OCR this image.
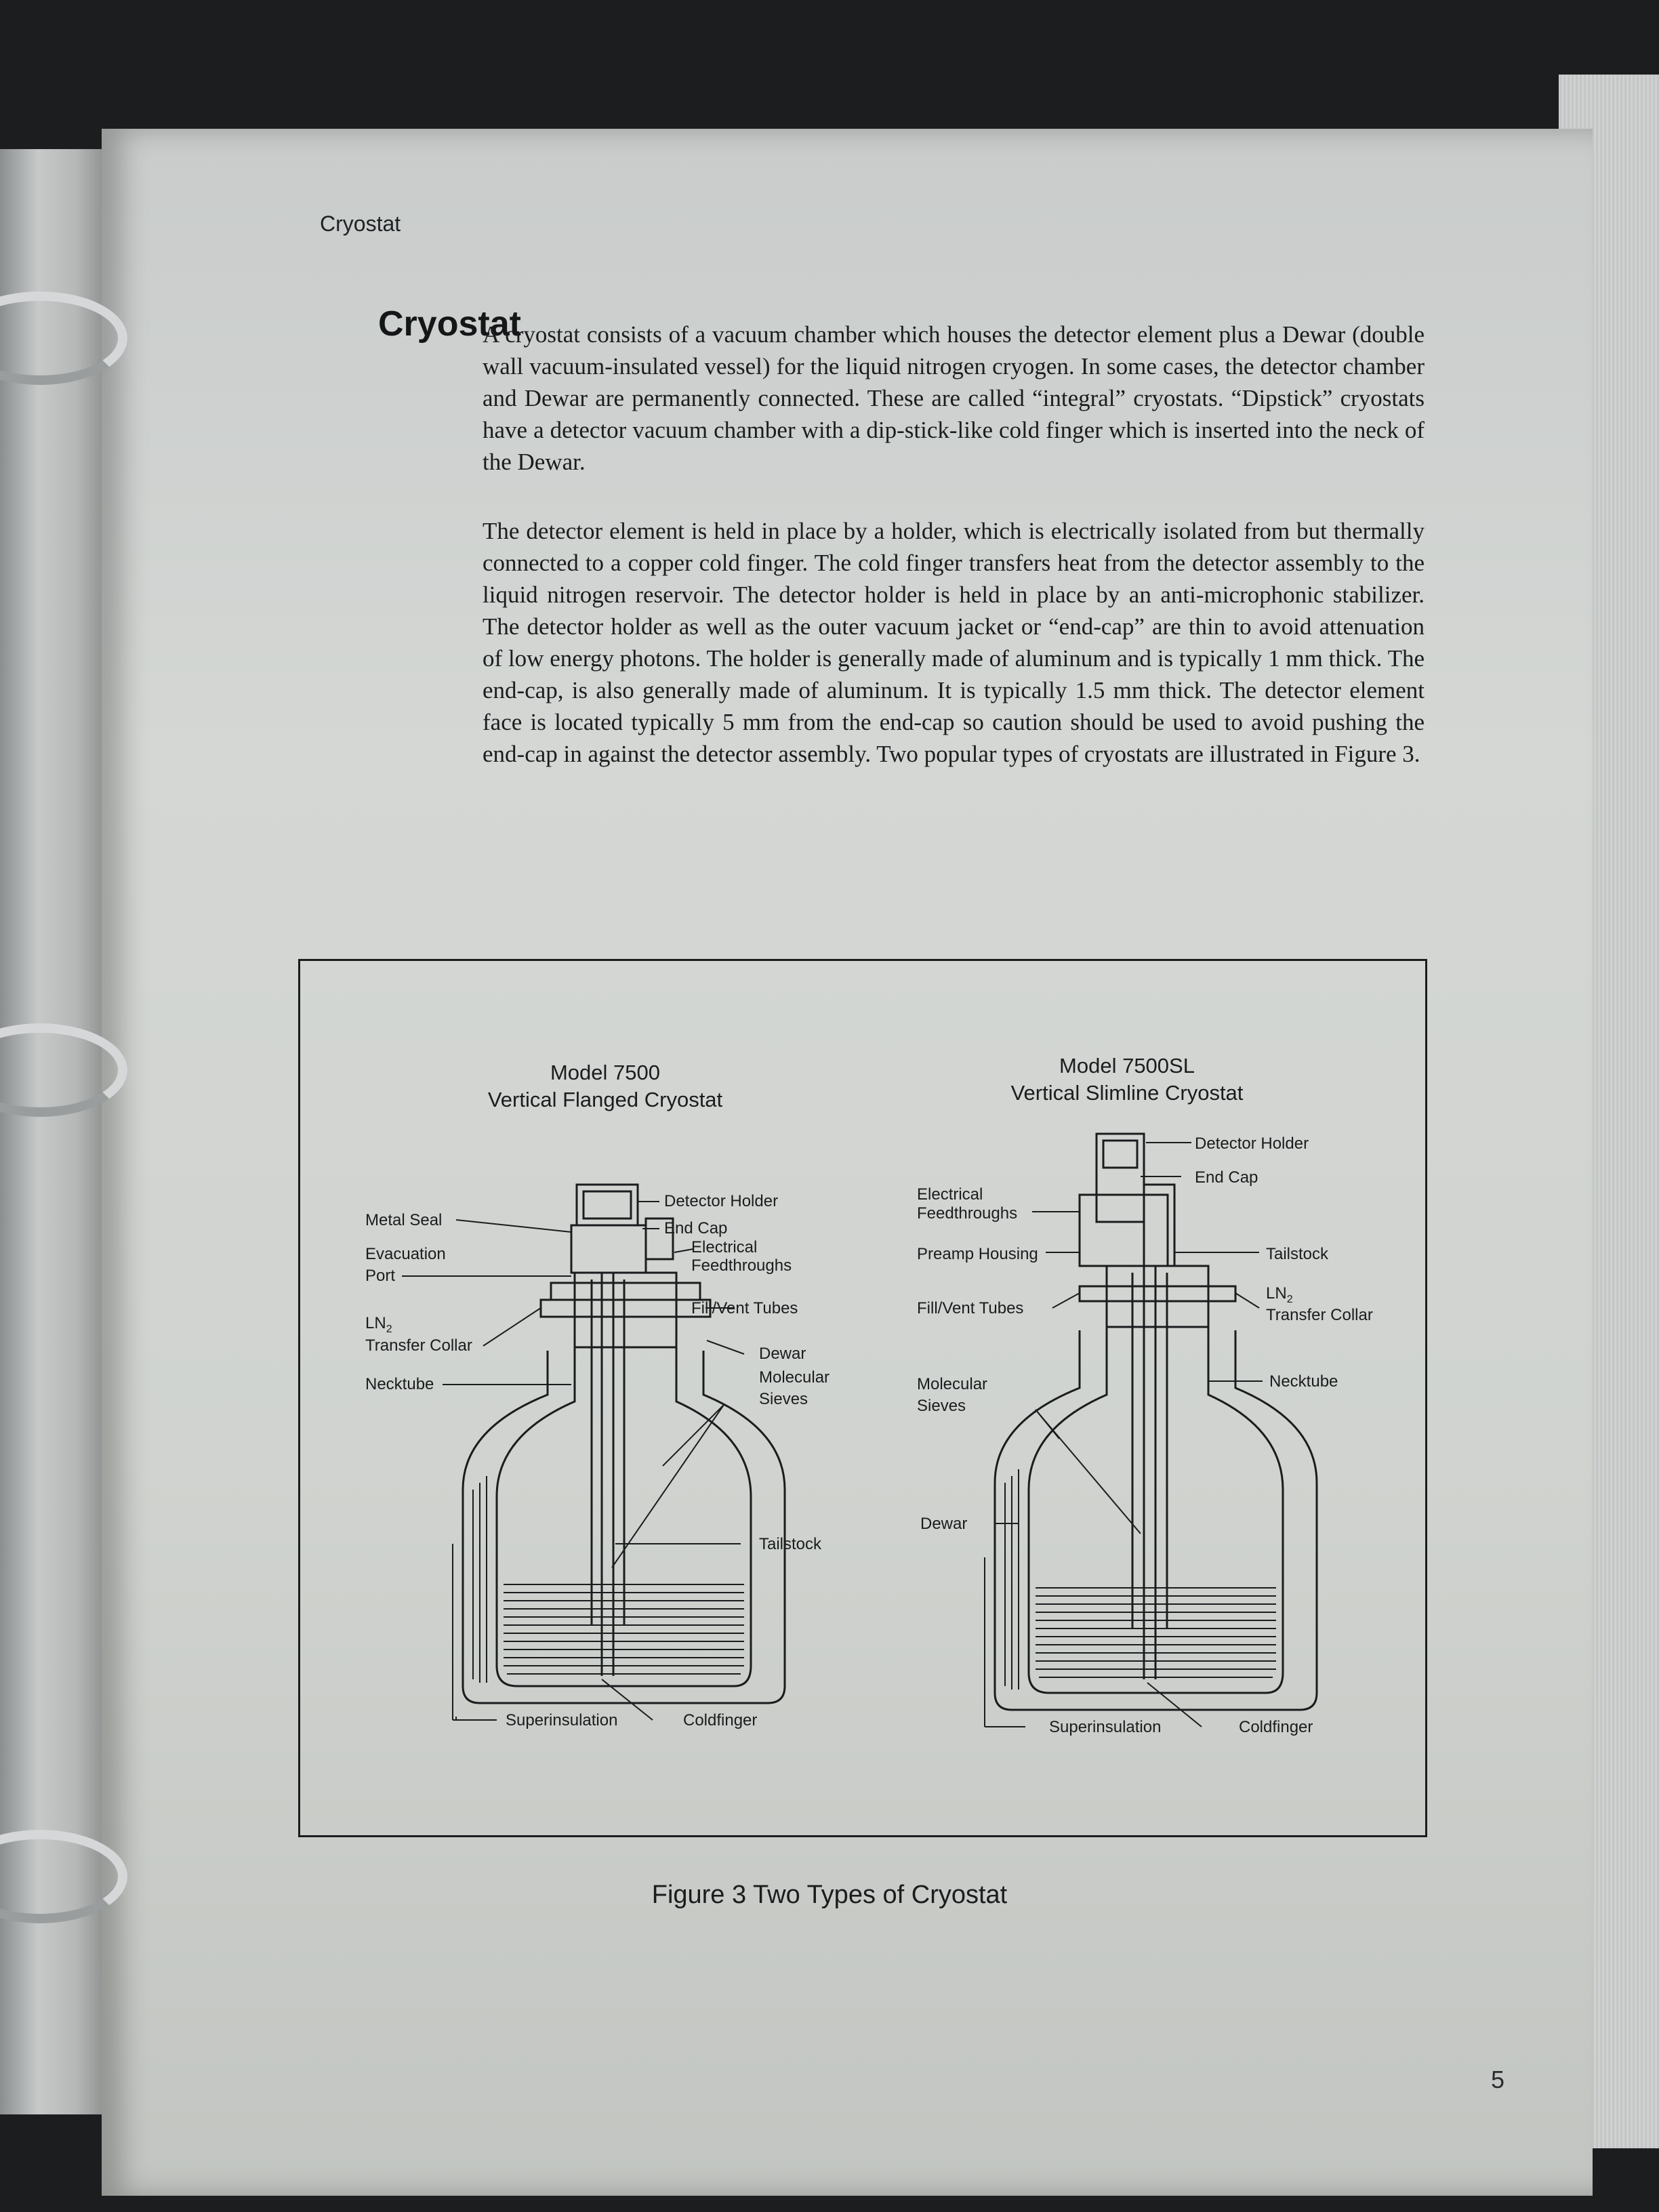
Cryostat
Cryostat

A cryostat consists of a vacuum chamber which houses the detector element plus a Dewar (double wall vacuum-insulated vessel) for the liquid nitrogen cryogen. In some cases, the detector chamber and Dewar are permanently connected. These are called “integral” cryostats. “Dipstick” cryostats have a detector vacuum chamber with a dip-stick-like cold finger which is inserted into the neck of the Dewar.

The detector element is held in place by a holder, which is electrically isolated from but thermally connected to a copper cold finger. The cold finger transfers heat from the detector assembly to the liquid nitrogen reservoir. The detector holder is held in place by an anti-microphonic stabilizer. The detector holder as well as the outer vacuum jacket or “end-cap” are thin to avoid attenuation of low energy photons. The holder is generally made of aluminum and is typically 1 mm thick. The end-cap, is also generally made of aluminum. It is typically 1.5 mm thick. The detector element face is located typically 5 mm from the end-cap so caution should be used to avoid pushing the end-cap in against the detector assembly. Two popular types of cryostats are illustrated in Figure 3.

Model 7500
Vertical Flanged Cryostat
Model 7500SL
Vertical Slimline Cryostat
Metal Seal
Evacuation
Port
$LN_2$
Transfer Collar
Necktube
Detector Holder
End Cap
Electrical
Feedthroughs
Fill/Vent Tubes
Dewar
Molecular
Sieves
Tailstock
Superinsulation	Coldfinger
Detector Holder
End Cap
Electrical
Feedthroughs
Preamp Housing
Fill/Vent Tubes
Tailstock
$LN_2$
Transfer Collar
Necktube
Molecular
Sieves
Dewar
Superinsulation	Coldfinger
Figure 3 Two Types of Cryostat
5
